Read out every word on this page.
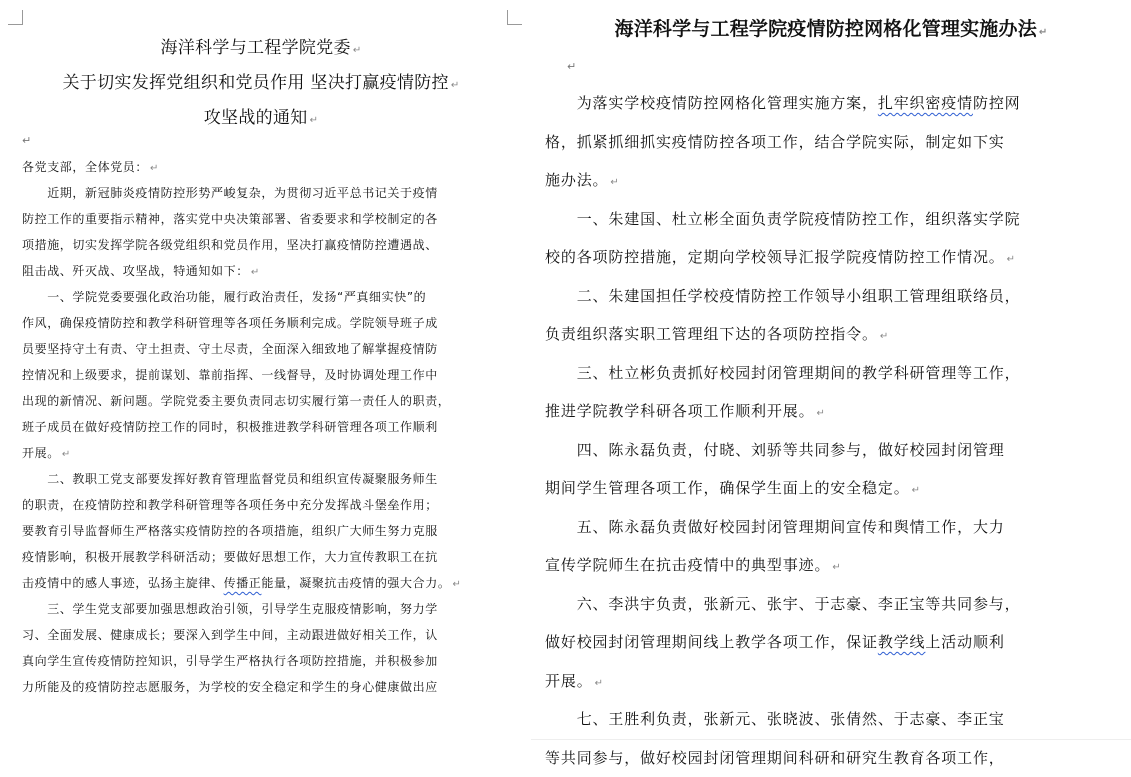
海洋科学与工程学院党委 ↵
关于切实发挥党组织和党员作用 坚决打赢疫情防控 ↵
攻坚战的通知 ↵
↵
各党支部，全体党员： ↵
　　近期，新冠肺炎疫情防控形势严峻复杂，为贯彻习近平总书记关于疫情
防控工作的重要指示精神，落实党中央决策部署、省委要求和学校制定的各
项措施，切实发挥学院各级党组织和党员作用，坚决打赢疫情防控遭遇战、
阻击战、歼灭战、攻坚战，特通知如下： ↵
　　一、学院党委要强化政治功能，履行政治责任，发扬“严真细实快”的
作风，确保疫情防控和教学科研管理等各项任务顺利完成。学院领导班子成
员要坚持守土有责、守土担责、守土尽责，全面深入细致地了解掌握疫情防
控情况和上级要求，提前谋划、靠前指挥、一线督导，及时协调处理工作中
出现的新情况、新问题。学院党委主要负责同志切实履行第一责任人的职责，
班子成员在做好疫情防控工作的同时，积极推进教学科研管理各项工作顺利
开展。 ↵
　　二、教职工党支部要发挥好教育管理监督党员和组织宣传凝聚服务师生
的职责，在疫情防控和教学科研管理等各项任务中充分发挥战斗堡垒作用；
要教育引导监督师生严格落实疫情防控的各项措施，组织广大师生努力克服
疫情影响，积极开展教学科研活动；要做好思想工作，大力宣传教职工在抗
击疫情中的感人事迹，弘扬主旋律、传播正能量，凝聚抗击疫情的强大合力。 ↵
　　三、学生党支部要加强思想政治引领，引导学生克服疫情影响，努力学
习、全面发展、健康成长；要深入到学生中间，主动跟进做好相关工作，认
真向学生宣传疫情防控知识，引导学生严格执行各项防控措施，并积极参加
力所能及的疫情防控志愿服务，为学校的安全稳定和学生的身心健康做出应
海洋科学与工程学院疫情防控网格化管理实施办法 ↵
↵
　　为落实学校疫情防控网格化管理实施方案，扎牢织密疫情防控网
格，抓紧抓细抓实疫情防控各项工作，结合学院实际，制定如下实
施办法。 ↵
　　一、朱建国、杜立彬全面负责学院疫情防控工作，组织落实学院
校的各项防控措施，定期向学校领导汇报学院疫情防控工作情况。 ↵
　　二、朱建国担任学校疫情防控工作领导小组职工管理组联络员，
负责组织落实职工管理组下达的各项防控指令。 ↵
　　三、杜立彬负责抓好校园封闭管理期间的教学科研管理等工作，
推进学院教学科研各项工作顺利开展。 ↵
　　四、陈永磊负责，付晓、刘骄等共同参与，做好校园封闭管理
期间学生管理各项工作，确保学生面上的安全稳定。 ↵
　　五、陈永磊负责做好校园封闭管理期间宣传和舆情工作，大力
宣传学院师生在抗击疫情中的典型事迹。 ↵
　　六、李洪宇负责，张新元、张宇、于志豪、李正宝等共同参与，
做好校园封闭管理期间线上教学各项工作，保证教学线上活动顺利
开展。 ↵
　　七、王胜利负责，张新元、张晓波、张倩然、于志豪、李正宝
等共同参与，做好校园封闭管理期间科研和研究生教育各项工作，
